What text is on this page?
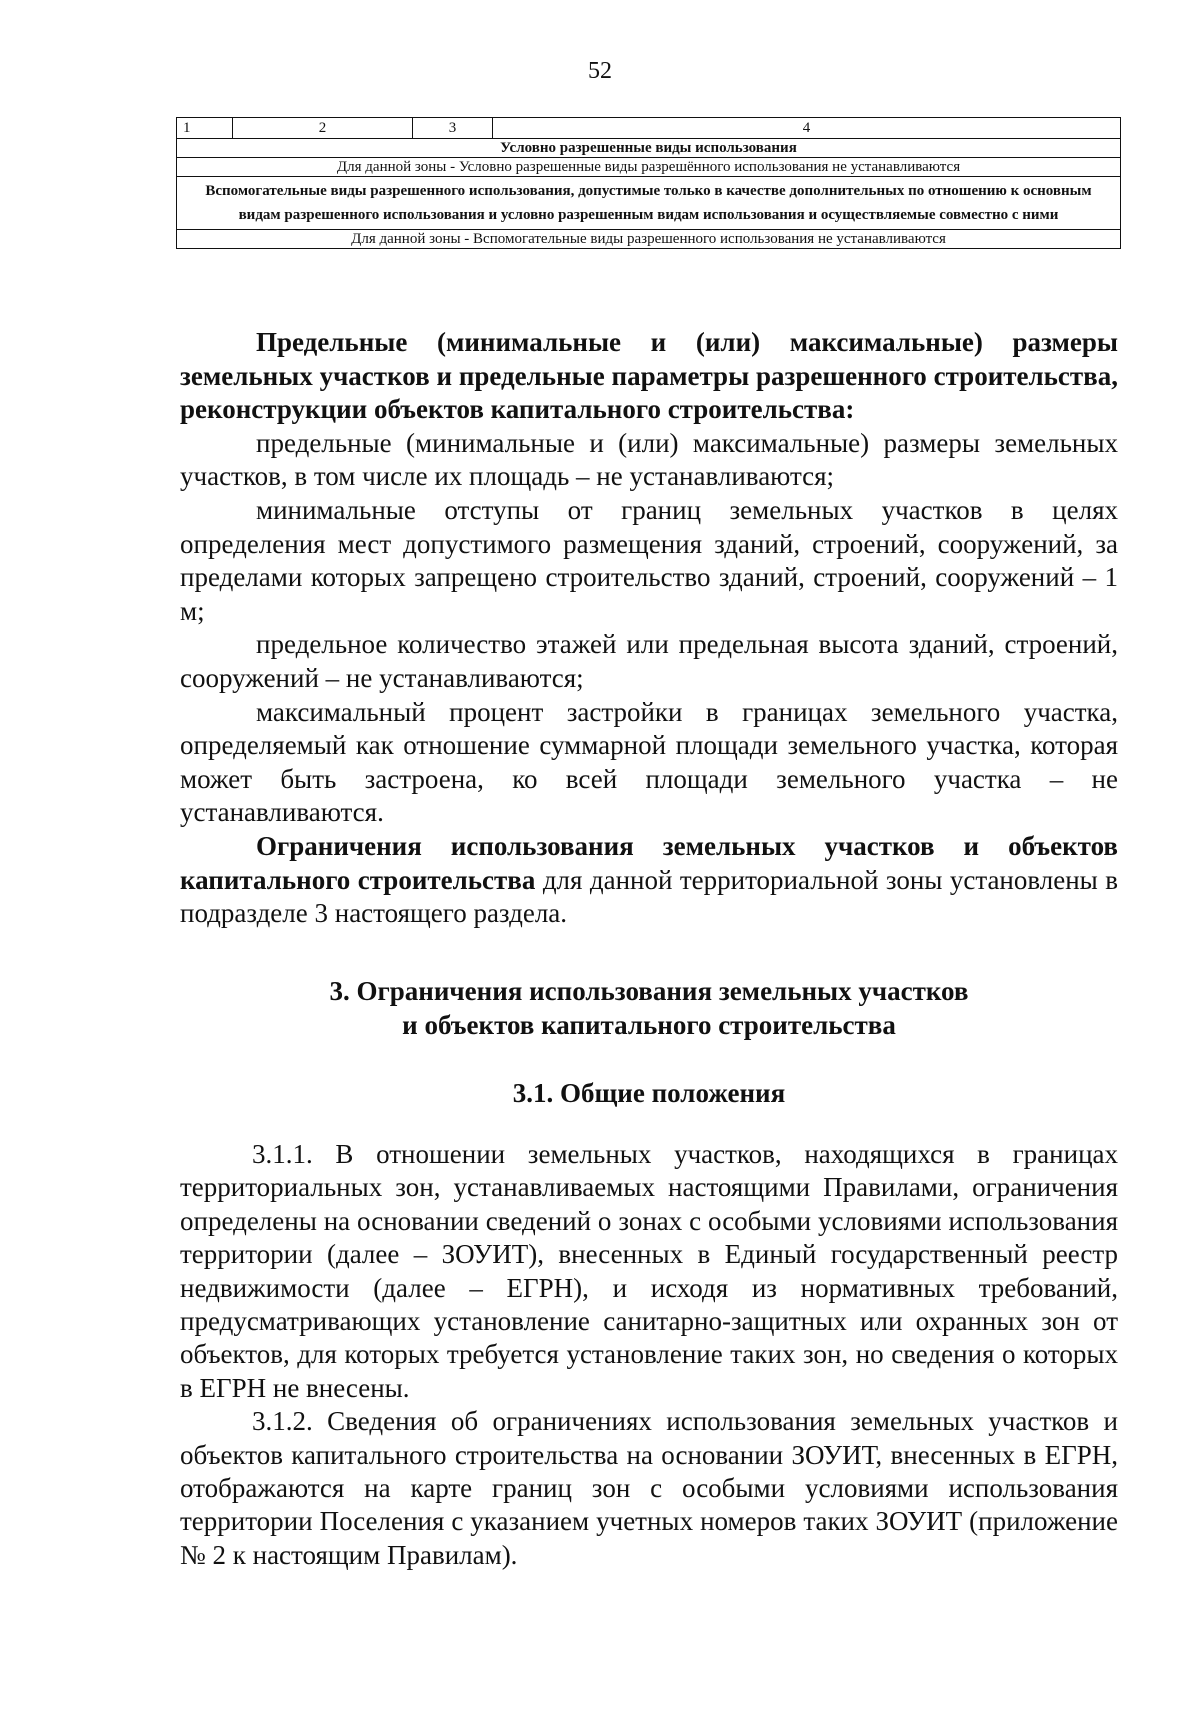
52
1	2	3	4
Условно разрешенные виды использования
Для данной зоны - Условно разрешенные виды разрешённого использования не устанавливаются
Вспомогательные виды разрешенного использования, допустимые только в качестве дополнительных по отношению к основным видам разрешенного использования и условно разрешенным видам использования и осуществляемые совместно с ними
Для данной зоны - Вспомогательные виды разрешенного использования не устанавливаются

Предельные (минимальные и (или) максимальные) размеры земельных участков и предельные параметры разрешенного строительства, реконструкции объектов капитального строительства:

предельные (минимальные и (или) максимальные) размеры земельных участков, в том числе их площадь – не устанавливаются;

минимальные отступы от границ земельных участков в целях определения мест допустимого размещения зданий, строений, сооружений, за пределами которых запрещено строительство зданий, строений, сооружений – 1 м;

предельное количество этажей или предельная высота зданий, строений, сооружений – не устанавливаются;

максимальный процент застройки в границах земельного участка, определяемый как отношение суммарной площади земельного участка, которая может быть застроена, ко всей площади земельного участка – не устанавливаются.

Ограничения использования земельных участков и объектов капитального строительства для данной территориальной зоны установлены в подразделе 3 настоящего раздела.

3. Ограничения использования земельных участков
и объектов капитального строительства
3.1. Общие положения

3.1.1. В отношении земельных участков, находящихся в границах территориальных зон, устанавливаемых настоящими Правилами, ограничения определены на основании сведений о зонах с особыми условиями использования территории (далее – ЗОУИТ), внесенных в Единый государственный реестр недвижимости (далее – ЕГРН), и исходя из нормативных требований, предусматривающих установление санитарно-защитных или охранных зон от объектов, для которых требуется установление таких зон, но сведения о которых в ЕГРН не внесены.

3.1.2. Сведения об ограничениях использования земельных участков и объектов капитального строительства на основании ЗОУИТ, внесенных в ЕГРН, отображаются на карте границ зон с особыми условиями использования территории Поселения с указанием учетных номеров таких ЗОУИТ (приложение № 2 к настоящим Правилам).
